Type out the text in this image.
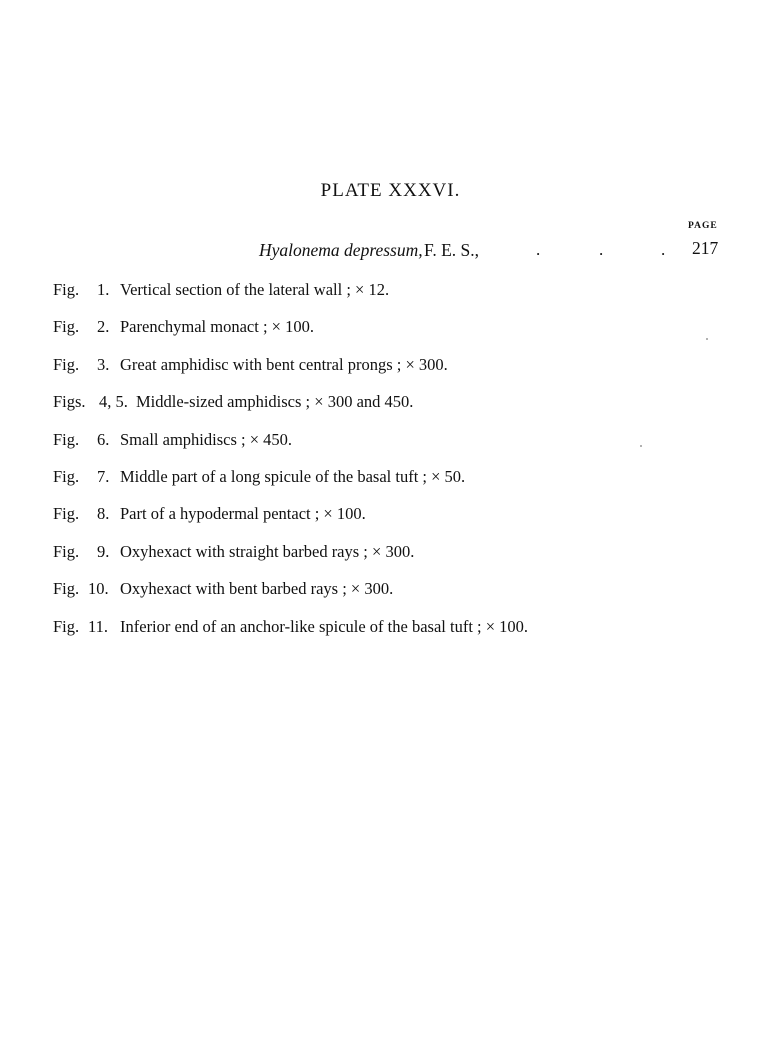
PLATE XXXVI.
PAGE
Hyalonema depressum, F. E. S.,	.	.	. 217
Fig. 1. Vertical section of the lateral wall ; × 12.
Fig. 2. Parenchymal monact ; × 100.
Fig. 3. Great amphidisc with bent central prongs ; × 300.
Figs. 4, 5. Middle-sized amphidiscs ; × 300 and 450.
Fig. 6. Small amphidiscs ; × 450.
Fig. 7. Middle part of a long spicule of the basal tuft ; × 50.
Fig. 8. Part of a hypodermal pentact ; × 100.
Fig. 9. Oxyhexact with straight barbed rays ; × 300.
Fig. 10. Oxyhexact with bent barbed rays ; × 300.
Fig. 11. Inferior end of an anchor-like spicule of the basal tuft ; × 100.
